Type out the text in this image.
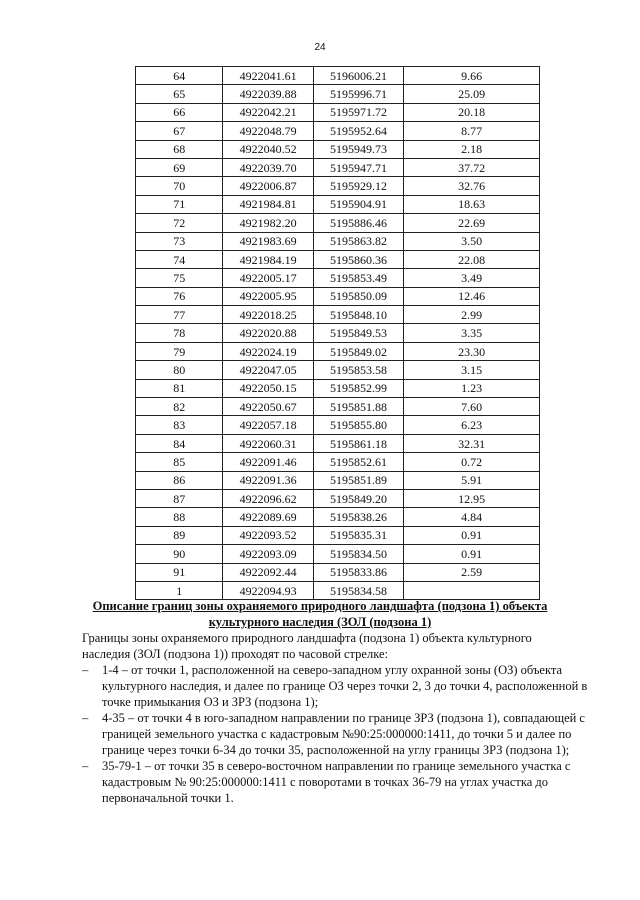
24
64	4922041.61	5196006.21	9.66
65	4922039.88	5195996.71	25.09
66	4922042.21	5195971.72	20.18
67	4922048.79	5195952.64	8.77
68	4922040.52	5195949.73	2.18
69	4922039.70	5195947.71	37.72
70	4922006.87	5195929.12	32.76
71	4921984.81	5195904.91	18.63
72	4921982.20	5195886.46	22.69
73	4921983.69	5195863.82	3.50
74	4921984.19	5195860.36	22.08
75	4922005.17	5195853.49	3.49
76	4922005.95	5195850.09	12.46
77	4922018.25	5195848.10	2.99
78	4922020.88	5195849.53	3.35
79	4922024.19	5195849.02	23.30
80	4922047.05	5195853.58	3.15
81	4922050.15	5195852.99	1.23
82	4922050.67	5195851.88	7.60
83	4922057.18	5195855.80	6.23
84	4922060.31	5195861.18	32.31
85	4922091.46	5195852.61	0.72
86	4922091.36	5195851.89	5.91
87	4922096.62	5195849.20	12.95
88	4922089.69	5195838.26	4.84
89	4922093.52	5195835.31	0.91
90	4922093.09	5195834.50	0.91
91	4922092.44	5195833.86	2.59
1	4922094.93	5195834.58	
Описание границ зоны охраняемого природного ландшафта (подзона 1) объекта
культурного наследия (ЗОЛ (подзона 1)
Границы зоны охраняемого природного ландшафта (подзона 1) объекта культурного наследия (ЗОЛ (подзона 1)) проходят по часовой стрелке:
– 1-4 – от точки 1, расположенной на северо-западном углу охранной зоны (ОЗ) объекта культурного наследия, и далее по границе ОЗ через точки 2, 3 до точки 4, расположенной в точке примыкания ОЗ и ЗРЗ (подзона 1);
– 4-35 – от точки 4 в юго-западном направлении по границе ЗРЗ (подзона 1), совпадающей с границей земельного участка с кадастровым №90:25:000000:1411, до точки 5 и далее по границе через точки 6-34 до точки 35, расположенной на углу границы ЗРЗ (подзона 1);
– 35-79-1 – от точки 35 в северо-восточном направлении по границе земельного участка с кадастровым № 90:25:000000:1411 с поворотами в точках 36-79 на углах участка до первоначальной точки 1.
